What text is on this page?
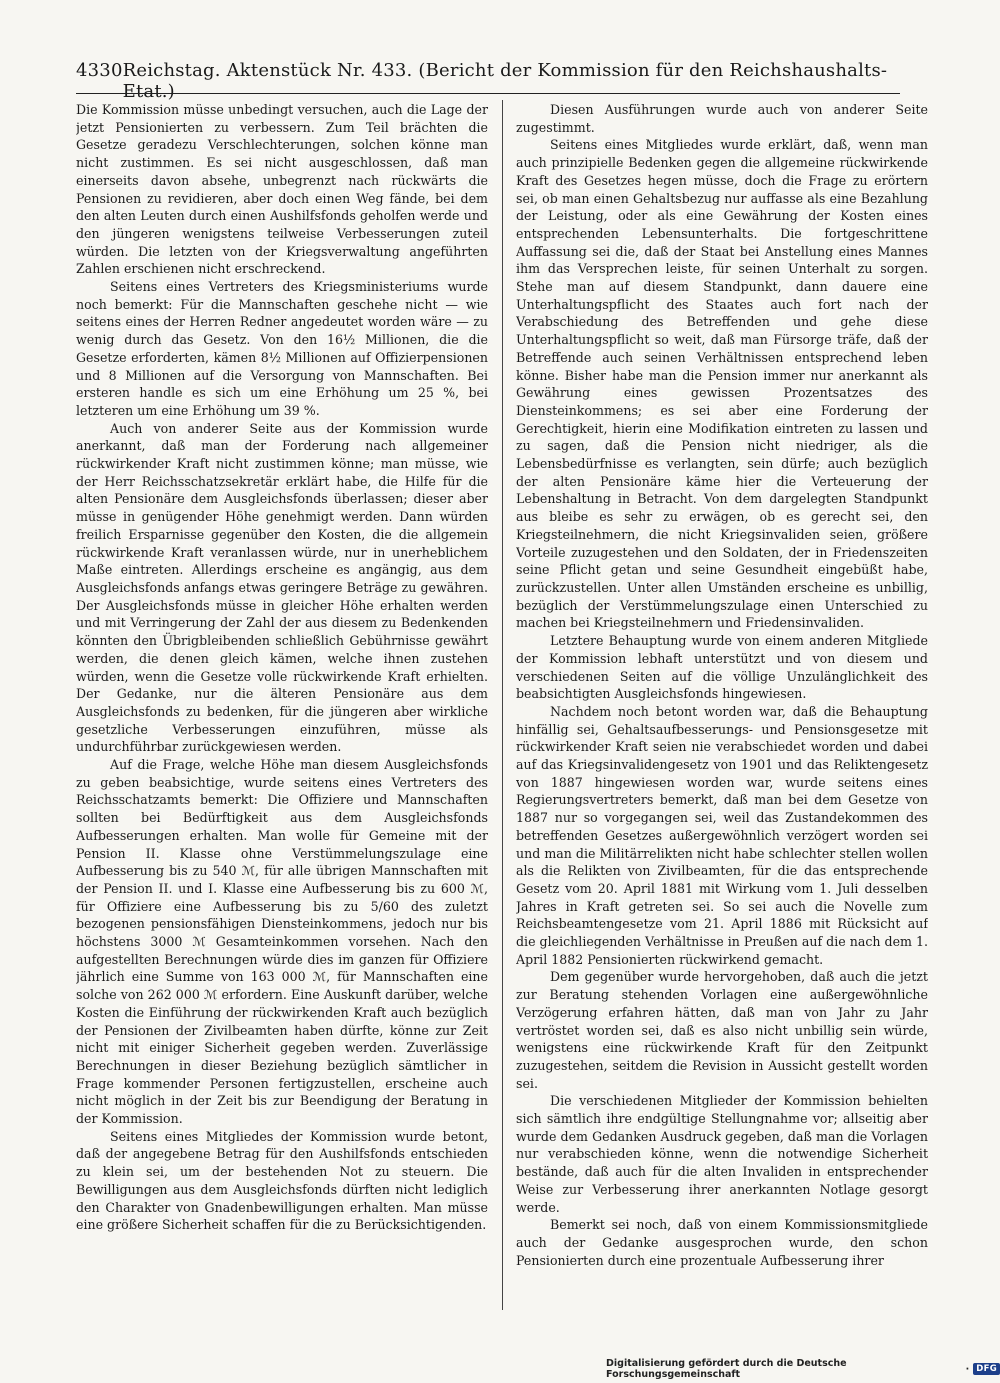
4330 Reichstag. Aktenstück Nr. 433. (Bericht der Kommission für den Reichshaushalts-Etat.)

Die Kommission müsse unbedingt versuchen, auch die Lage der jetzt Pensionierten zu verbessern. Zum Teil brächten die Gesetze geradezu Verschlechterungen, solchen könne man nicht zustimmen. Es sei nicht ausgeschlossen, daß man einerseits davon absehe, unbegrenzt nach rückwärts die Pensionen zu revidieren, aber doch einen Weg fände, bei dem den alten Leuten durch einen Aushilfsfonds geholfen werde und den jüngeren wenigstens teilweise Verbesserungen zuteil würden. Die letzten von der Kriegsverwaltung angeführten Zahlen erschienen nicht erschreckend.

Seitens eines Vertreters des Kriegsministeriums wurde noch bemerkt: Für die Mannschaften geschehe nicht — wie seitens eines der Herren Redner angedeutet worden wäre — zu wenig durch das Gesetz. Von den 16½ Millionen, die die Gesetze erforderten, kämen 8½ Millionen auf Offizierpensionen und 8 Millionen auf die Versorgung von Mannschaften. Bei ersteren handle es sich um eine Erhöhung um 25 %, bei letzteren um eine Erhöhung um 39 %.

Auch von anderer Seite aus der Kommission wurde anerkannt, daß man der Forderung nach allgemeiner rückwirkender Kraft nicht zustimmen könne; man müsse, wie der Herr Reichsschatzsekretär erklärt habe, die Hilfe für die alten Pensionäre dem Ausgleichsfonds überlassen; dieser aber müsse in genügender Höhe genehmigt werden. Dann würden freilich Ersparnisse gegenüber den Kosten, die die allgemein rückwirkende Kraft veranlassen würde, nur in unerheblichem Maße eintreten. Allerdings erscheine es angängig, aus dem Ausgleichsfonds anfangs etwas geringere Beträge zu gewähren. Der Ausgleichsfonds müsse in gleicher Höhe erhalten werden und mit Verringerung der Zahl der aus diesem zu Bedenkenden könnten den Übrigbleibenden schließlich Gebührnisse gewährt werden, die denen gleich kämen, welche ihnen zustehen würden, wenn die Gesetze volle rückwirkende Kraft erhielten. Der Gedanke, nur die älteren Pensionäre aus dem Ausgleichsfonds zu bedenken, für die jüngeren aber wirkliche gesetzliche Verbesserungen einzuführen, müsse als undurchführbar zurückgewiesen werden.

Auf die Frage, welche Höhe man diesem Ausgleichsfonds zu geben beabsichtige, wurde seitens eines Vertreters des Reichsschatzamts bemerkt: Die Offiziere und Mannschaften sollten bei Bedürftigkeit aus dem Ausgleichsfonds Aufbesserungen erhalten. Man wolle für Gemeine mit der Pension II. Klasse ohne Verstümmelungszulage eine Aufbesserung bis zu 540 ℳ, für alle übrigen Mannschaften mit der Pension II. und I. Klasse eine Aufbesserung bis zu 600 ℳ, für Offiziere eine Aufbesserung bis zu 5/60 des zuletzt bezogenen pensionsfähigen Diensteinkommens, jedoch nur bis höchstens 3000 ℳ Gesamteinkommen vorsehen. Nach den aufgestellten Berechnungen würde dies im ganzen für Offiziere jährlich eine Summe von 163 000 ℳ, für Mannschaften eine solche von 262 000 ℳ erfordern. Eine Auskunft darüber, welche Kosten die Einführung der rückwirkenden Kraft auch bezüglich der Pensionen der Zivilbeamten haben dürfte, könne zur Zeit nicht mit einiger Sicherheit gegeben werden. Zuverlässige Berechnungen in dieser Beziehung bezüglich sämtlicher in Frage kommender Personen fertigzustellen, erscheine auch nicht möglich in der Zeit bis zur Beendigung der Beratung in der Kommission.

Seitens eines Mitgliedes der Kommission wurde betont, daß der angegebene Betrag für den Aushilfsfonds entschieden zu klein sei, um der bestehenden Not zu steuern. Die Bewilligungen aus dem Ausgleichsfonds dürften nicht lediglich den Charakter von Gnadenbewilligungen erhalten. Man müsse eine größere Sicherheit schaffen für die zu Berücksichtigenden.

Diesen Ausführungen wurde auch von anderer Seite zugestimmt.

Seitens eines Mitgliedes wurde erklärt, daß, wenn man auch prinzipielle Bedenken gegen die allgemeine rückwirkende Kraft des Gesetzes hegen müsse, doch die Frage zu erörtern sei, ob man einen Gehaltsbezug nur auffasse als eine Bezahlung der Leistung, oder als eine Gewährung der Kosten eines entsprechenden Lebensunterhalts. Die fortgeschrittene Auffassung sei die, daß der Staat bei Anstellung eines Mannes ihm das Versprechen leiste, für seinen Unterhalt zu sorgen. Stehe man auf diesem Standpunkt, dann dauere eine Unterhaltungspflicht des Staates auch fort nach der Verabschiedung des Betreffenden und gehe diese Unterhaltungspflicht so weit, daß man Fürsorge träfe, daß der Betreffende auch seinen Verhältnissen entsprechend leben könne. Bisher habe man die Pension immer nur anerkannt als Gewährung eines gewissen Prozentsatzes des Diensteinkommens; es sei aber eine Forderung der Gerechtigkeit, hierin eine Modifikation eintreten zu lassen und zu sagen, daß die Pension nicht niedriger, als die Lebensbedürfnisse es verlangten, sein dürfe; auch bezüglich der alten Pensionäre käme hier die Verteuerung der Lebenshaltung in Betracht. Von dem dargelegten Standpunkt aus bleibe es sehr zu erwägen, ob es gerecht sei, den Kriegsteilnehmern, die nicht Kriegsinvaliden seien, größere Vorteile zuzugestehen und den Soldaten, der in Friedenszeiten seine Pflicht getan und seine Gesundheit eingebüßt habe, zurückzustellen. Unter allen Umständen erscheine es unbillig, bezüglich der Verstümmelungszulage einen Unterschied zu machen bei Kriegsteilnehmern und Friedensinvaliden.

Letztere Behauptung wurde von einem anderen Mitgliede der Kommission lebhaft unterstützt und von diesem und verschiedenen Seiten auf die völlige Unzulänglichkeit des beabsichtigten Ausgleichsfonds hingewiesen.

Nachdem noch betont worden war, daß die Behauptung hinfällig sei, Gehaltsaufbesserungs- und Pensionsgesetze mit rückwirkender Kraft seien nie verabschiedet worden und dabei auf das Kriegsinvalidengesetz von 1901 und das Reliktengesetz von 1887 hingewiesen worden war, wurde seitens eines Regierungsvertreters bemerkt, daß man bei dem Gesetze von 1887 nur so vorgegangen sei, weil das Zustandekommen des betreffenden Gesetzes außergewöhnlich verzögert worden sei und man die Militärrelikten nicht habe schlechter stellen wollen als die Relikten von Zivilbeamten, für die das entsprechende Gesetz vom 20. April 1881 mit Wirkung vom 1. Juli desselben Jahres in Kraft getreten sei. So sei auch die Novelle zum Reichsbeamtengesetze vom 21. April 1886 mit Rücksicht auf die gleichliegenden Verhältnisse in Preußen auf die nach dem 1. April 1882 Pensionierten rückwirkend gemacht.

Dem gegenüber wurde hervorgehoben, daß auch die jetzt zur Beratung stehenden Vorlagen eine außergewöhnliche Verzögerung erfahren hätten, daß man von Jahr zu Jahr vertröstet worden sei, daß es also nicht unbillig sein würde, wenigstens eine rückwirkende Kraft für den Zeitpunkt zuzugestehen, seitdem die Revision in Aussicht gestellt worden sei.

Die verschiedenen Mitglieder der Kommission behielten sich sämtlich ihre endgültige Stellungnahme vor; allseitig aber wurde dem Gedanken Ausdruck gegeben, daß man die Vorlagen nur verabschieden könne, wenn die notwendige Sicherheit bestände, daß auch für die alten Invaliden in entsprechender Weise zur Verbesserung ihrer anerkannten Notlage gesorgt werde.

Bemerkt sei noch, daß von einem Kommissionsmitgliede auch der Gedanke ausgesprochen wurde, den schon Pensionierten durch eine prozentuale Aufbesserung ihrer

Digitalisierung gefördert durch die Deutsche Forschungsgemeinschaft	· DFG
